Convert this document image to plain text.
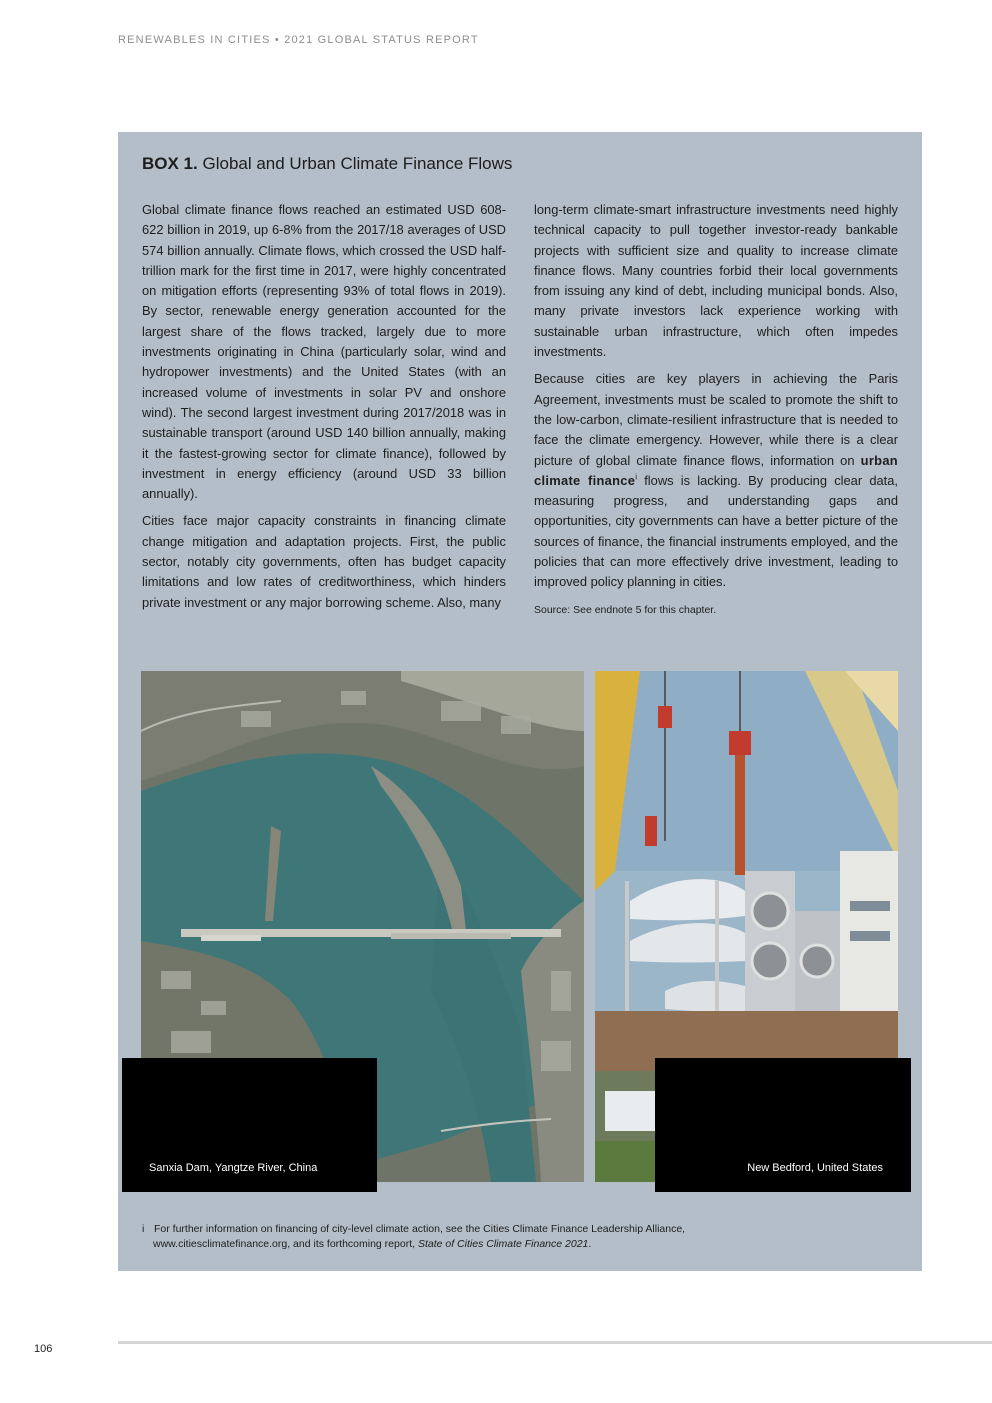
RENEWABLES IN CITIES • 2021 GLOBAL STATUS REPORT
BOX 1. Global and Urban Climate Finance Flows

Global climate finance flows reached an estimated USD 608-622 billion in 2019, up 6-8% from the 2017/18 averages of USD 574 billion annually. Climate flows, which crossed the USD half-trillion mark for the first time in 2017, were highly concentrated on mitigation efforts (representing 93% of total flows in 2019). By sector, renewable energy generation accounted for the largest share of the flows tracked, largely due to more investments originating in China (particularly solar, wind and hydropower investments) and the United States (with an increased volume of investments in solar PV and onshore wind). The second largest investment during 2017/2018 was in sustainable transport (around USD 140 billion annually, making it the fastest-growing sector for climate finance), followed by investment in energy efficiency (around USD 33 billion annually).

Cities face major capacity constraints in financing climate change mitigation and adaptation projects. First, the public sector, notably city governments, often has budget capacity limitations and low rates of creditworthiness, which hinders private investment or any major borrowing scheme. Also, many

long-term climate-smart infrastructure investments need highly technical capacity to pull together investor-ready bankable projects with sufficient size and quality to increase climate finance flows. Many countries forbid their local governments from issuing any kind of debt, including municipal bonds. Also, many private investors lack experience working with sustainable urban infrastructure, which often impedes investments.

Because cities are key players in achieving the Paris Agreement, investments must be scaled to promote the shift to the low-carbon, climate-resilient infrastructure that is needed to face the climate emergency. However, while there is a clear picture of global climate finance flows, information on urban climate finance$^i$ flows is lacking. By producing clear data, measuring progress, and understanding gaps and opportunities, city governments can have a better picture of the sources of finance, the financial instruments employed, and the policies that can more effectively drive investment, leading to improved policy planning in cities.

Source: See endnote 5 for this chapter.
Sanxia Dam, Yangtze River, China	New Bedford, United States
i For further information on financing of city-level climate action, see the Cities Climate Finance Leadership Alliance,
www.citiesclimatefinance.org, and its forthcoming report, State of Cities Climate Finance 2021.
106
